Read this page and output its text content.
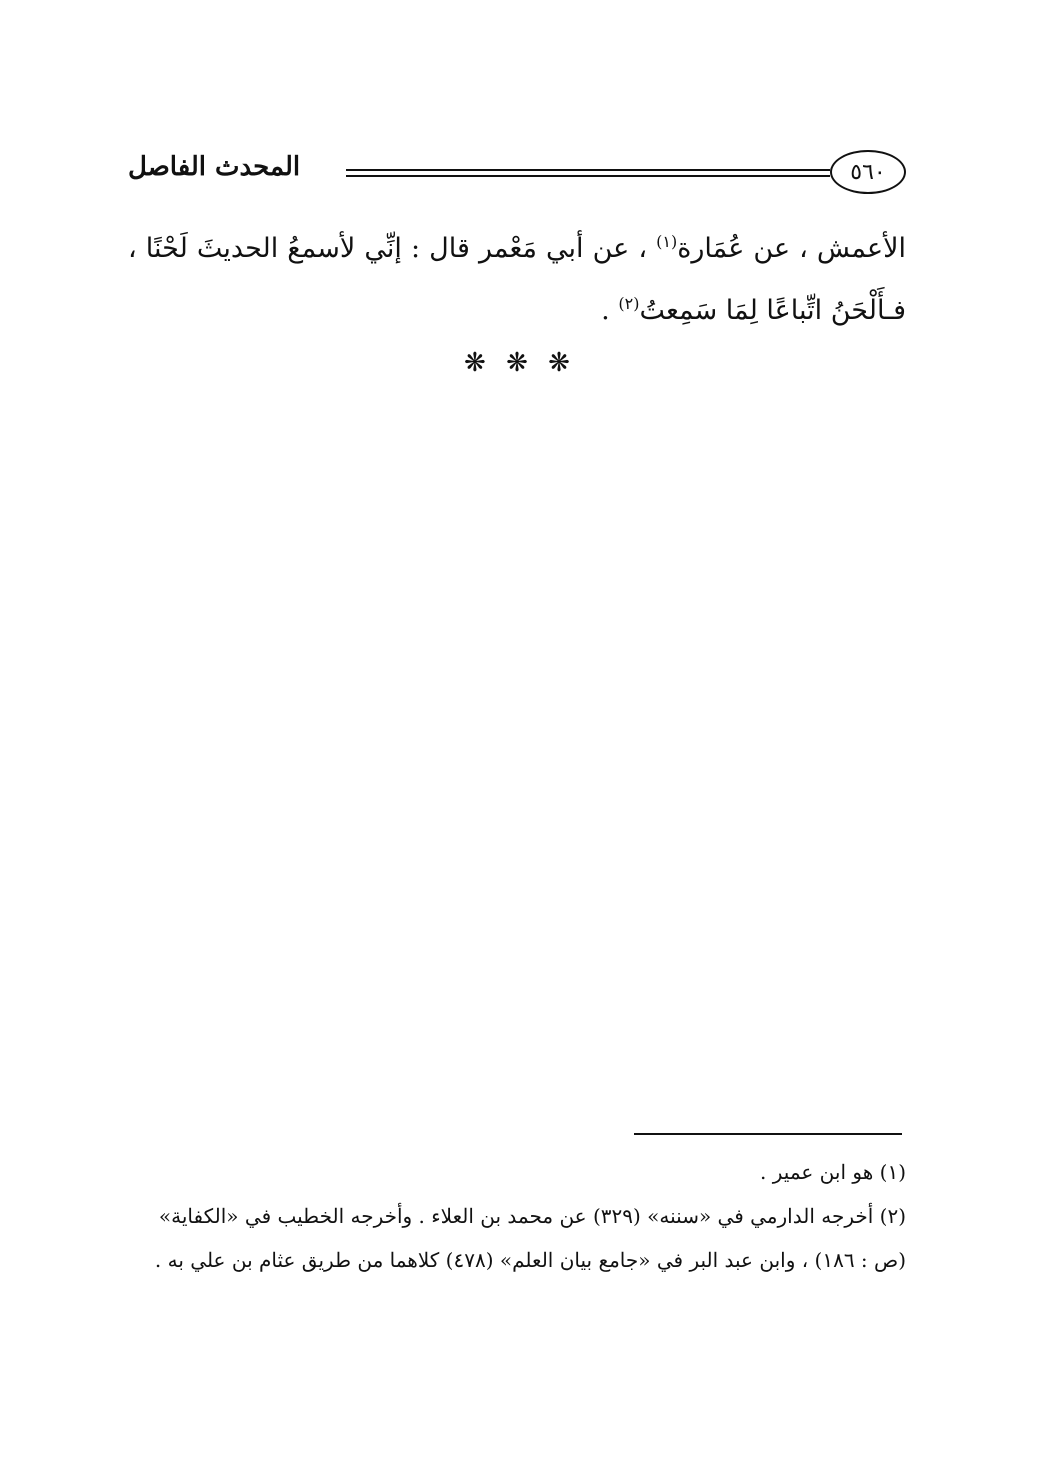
٥٦٠
المحدث الفاصل
الأعمش ، عن عُمَارة$^{(١)}$ ، عن أبي مَعْمر قال : إنِّي لأسمعُ الحديثَ لَحْنًا ، فـأَلْحَنُ اتِّباعًا لِمَا سَمِعتُ$^{(٢)}$ .
❋ ❋ ❋

(١) هو ابن عمير .

(٢) أخرجه الدارمي في «سننه» (٣٢٩) عن محمد بن العلاء . وأخرجه الخطيب في «الكفاية» (ص : ١٨٦) ، وابن عبد البر في «جامع بيان العلم» (٤٧٨) كلاهما من طريق عثام بن علي به .
